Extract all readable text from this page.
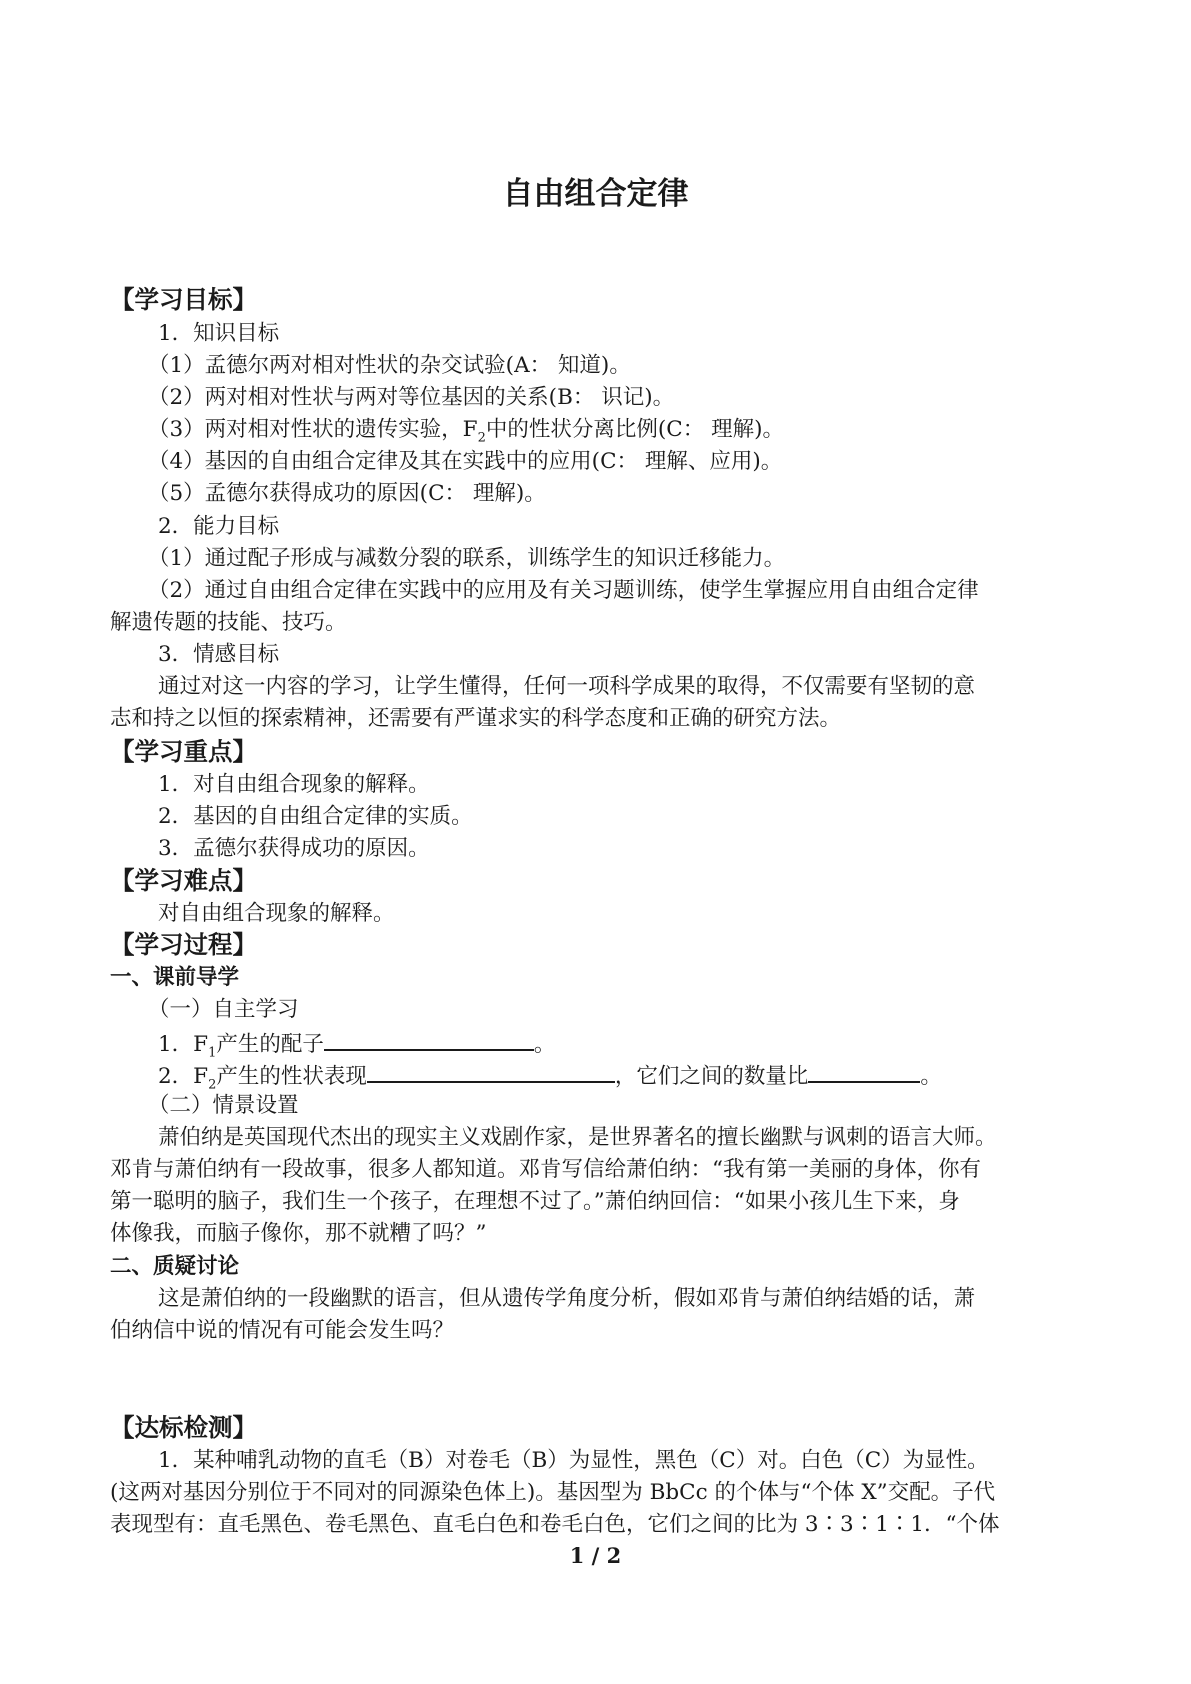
自由组合定律
【学习目标】
1．知识目标
（1）孟德尔两对相对性状的杂交试验(A： 知道)。
（2）两对相对性状与两对等位基因的关系(B： 识记)。
（3）两对相对性状的遗传实验，$F_2$中的性状分离比例(C： 理解)。
（4）基因的自由组合定律及其在实践中的应用(C： 理解、应用)。
（5）孟德尔获得成功的原因(C： 理解)。
2．能力目标
（1）通过配子形成与减数分裂的联系，训练学生的知识迁移能力。
（2）通过自由组合定律在实践中的应用及有关习题训练，使学生掌握应用自由组合定律
解遗传题的技能、技巧。
3．情感目标
通过对这一内容的学习，让学生懂得，任何一项科学成果的取得，不仅需要有坚韧的意
志和持之以恒的探索精神，还需要有严谨求实的科学态度和正确的研究方法。
【学习重点】
1．对自由组合现象的解释。
2．基因的自由组合定律的实质。
3．孟德尔获得成功的原因。
【学习难点】
对自由组合现象的解释。
【学习过程】
一、课前导学
（一）自主学习
1．$F_1$产生的配子	。
2．$F_2$产生的性状表现	，它们之间的数量比	。
（二）情景设置
萧伯纳是英国现代杰出的现实主义戏剧作家，是世界著名的擅长幽默与讽刺的语言大师。
邓肯与萧伯纳有一段故事，很多人都知道。邓肯写信给萧伯纳：“我有第一美丽的身体，你有
第一聪明的脑子，我们生一个孩子，在理想不过了。”萧伯纳回信：“如果小孩儿生下来，身
体像我，而脑子像你，那不就糟了吗？”
二、质疑讨论
这是萧伯纳的一段幽默的语言，但从遗传学角度分析，假如邓肯与萧伯纳结婚的话，萧
伯纳信中说的情况有可能会发生吗？
【达标检测】
1．某种哺乳动物的直毛（B）对卷毛（B）为显性，黑色（C）对。白色（C）为显性。
(这两对基因分别位于不同对的同源染色体上)。基因型为 BbCc 的个体与“个体 X”交配。子代
表现型有：直毛黑色、卷毛黑色、直毛白色和卷毛白色，它们之间的比为 3∶3∶1∶1．“个体
1 / 2
